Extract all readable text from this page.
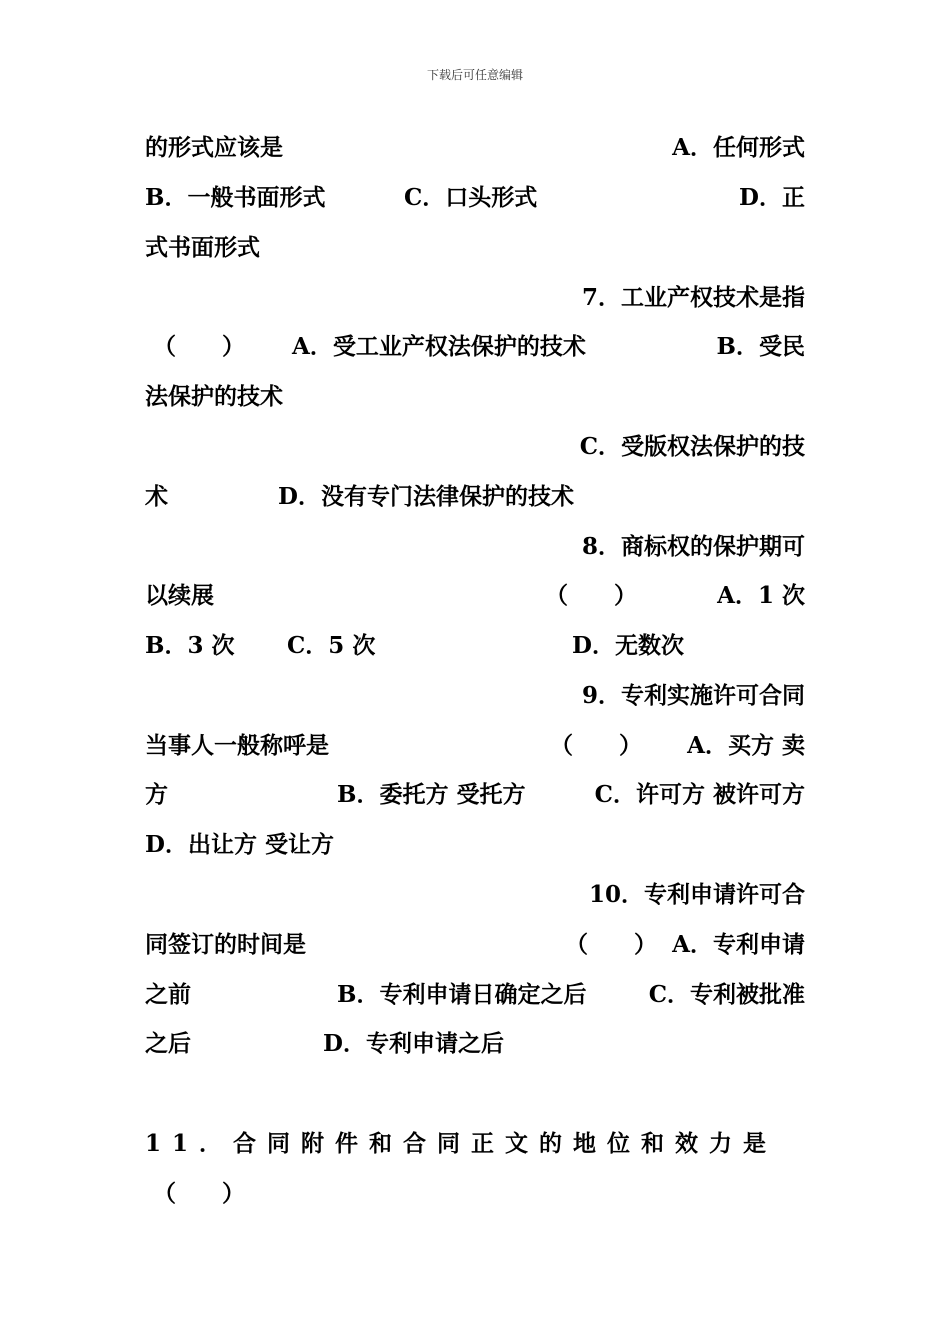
下载后可任意编辑
的形式应该是	A．任何形式
B．一般书面形式	C．口头形式	D．正
式书面形式
7．工业产权技术是指
（　　） A．受工业产权法保护的技术	B．受民
法保护的技术
C．受版权法保护的技
术	D．没有专门法律保护的技术
8．商标权的保护期可
以续展	（　　）	A．1 次
B．3 次 C．5 次	D．无数次
9．专利实施许可合同
当事人一般称呼是	（　　） A．买方 卖
方	B．委托方 受托方	C．许可方 被许可方
D．出让方 受让方
10．专利申请许可合
同签订的时间是	（　　） A．专利申请
之前	B．专利申请日确定之后	C．专利被批准
之后	D．专利申请之后
11．合同附件和合同正文的地位和效力是
（　　）
